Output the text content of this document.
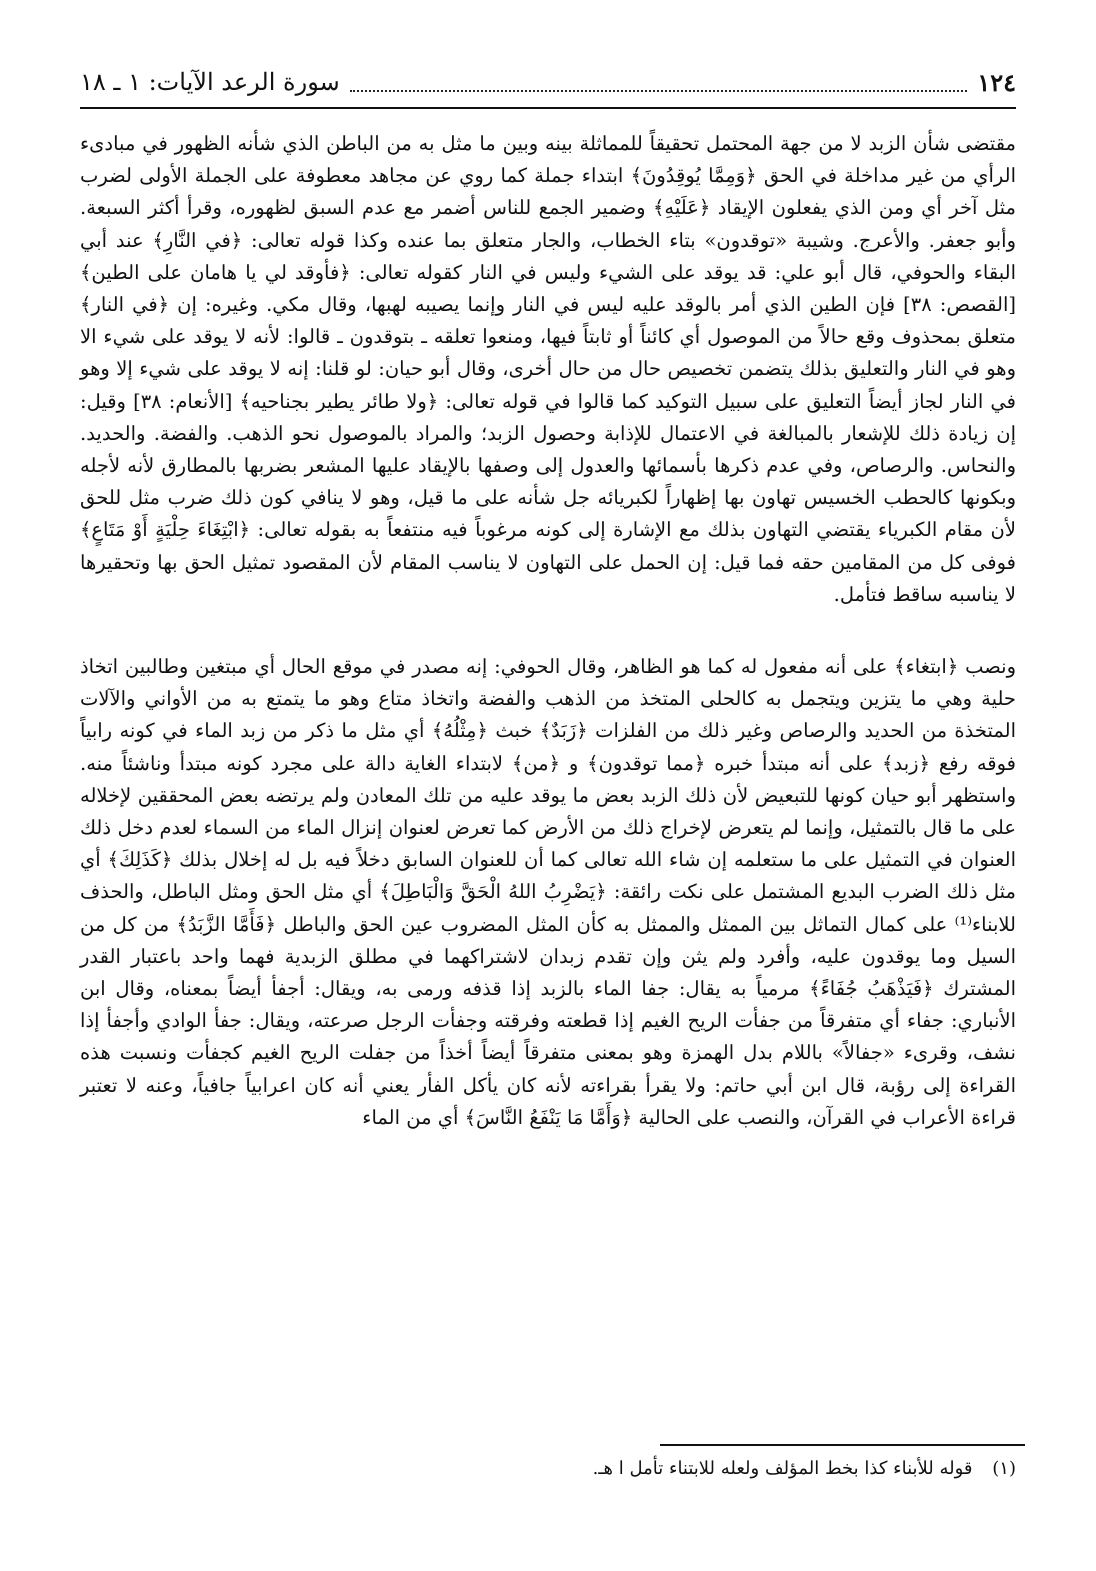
١٢٤
سورة الرعد الآيات: ١ ـ ١٨

مقتضى شأن الزبد لا من جهة المحتمل تحقيقاً للمماثلة بينه وبين ما مثل به من الباطن الذي شأنه الظهور في مبادىء الرأي من غير مداخلة في الحق ﴿وَمِمَّا يُوقِدُونَ﴾ ابتداء جملة كما روي عن مجاهد معطوفة على الجملة الأولى لضرب مثل آخر أي ومن الذي يفعلون الإيقاد ﴿عَلَيْهِ﴾ وضمير الجمع للناس أضمر مع عدم السبق لظهوره، وقرأ أكثر السبعة. وأبو جعفر. والأعرج. وشيبة «توقدون» بتاء الخطاب، والجار متعلق بما عنده وكذا قوله تعالى: ﴿في النَّارِ﴾ عند أبي البقاء والحوفي، قال أبو علي: قد يوقد على الشيء وليس في النار كقوله تعالى: ﴿فأوقد لي يا هامان على الطين﴾ [القصص: ٣٨] فإن الطين الذي أمر بالوقد عليه ليس في النار وإنما يصيبه لهبها، وقال مكي. وغيره: إن ﴿في النار﴾ متعلق بمحذوف وقع حالاً من الموصول أي كائناً أو ثابتاً فيها، ومنعوا تعلقه ـ بتوقدون ـ قالوا: لأنه لا يوقد على شيء الا وهو في النار والتعليق بذلك يتضمن تخصيص حال من حال أخرى، وقال أبو حيان: لو قلنا: إنه لا يوقد على شيء إلا وهو في النار لجاز أيضاً التعليق على سبيل التوكيد كما قالوا في قوله تعالى: ﴿ولا طائر يطير بجناحيه﴾ [الأنعام: ٣٨] وقيل: إن زيادة ذلك للإشعار بالمبالغة في الاعتمال للإذابة وحصول الزبد؛ والمراد بالموصول نحو الذهب. والفضة. والحديد. والنحاس. والرصاص، وفي عدم ذكرها بأسمائها والعدول إلى وصفها بالإيقاد عليها المشعر بضربها بالمطارق لأنه لأجله وبكونها كالحطب الخسيس تهاون بها إظهاراً لكبريائه جل شأنه على ما قيل، وهو لا ينافي كون ذلك ضرب مثل للحق لأن مقام الكبرياء يقتضي التهاون بذلك مع الإشارة إلى كونه مرغوباً فيه منتفعاً به بقوله تعالى: ﴿ابْتِغَاءَ حِلْيَةٍ أَوْ مَتَاعٍ﴾ فوفى كل من المقامين حقه فما قيل: إن الحمل على التهاون لا يناسب المقام لأن المقصود تمثيل الحق بها وتحقيرها لا يناسبه ساقط فتأمل.

ونصب ﴿ابتغاء﴾ على أنه مفعول له كما هو الظاهر، وقال الحوفي: إنه مصدر في موقع الحال أي مبتغين وطالبين اتخاذ حلية وهي ما يتزين ويتجمل به كالحلى المتخذ من الذهب والفضة واتخاذ متاع وهو ما يتمتع به من الأواني والآلات المتخذة من الحديد والرصاص وغير ذلك من الفلزات ﴿زَبَدٌ﴾ خبث ﴿مِثْلُهُ﴾ أي مثل ما ذكر من زبد الماء في كونه رابياً فوقه رفع ﴿زبد﴾ على أنه مبتدأ خبره ﴿مما توقدون﴾ و ﴿من﴾ لابتداء الغاية دالة على مجرد كونه مبتدأ وناشئاً منه. واستظهر أبو حيان كونها للتبعيض لأن ذلك الزبد بعض ما يوقد عليه من تلك المعادن ولم يرتضه بعض المحققين لإخلاله على ما قال بالتمثيل، وإنما لم يتعرض لإخراج ذلك من الأرض كما تعرض لعنوان إنزال الماء من السماء لعدم دخل ذلك العنوان في التمثيل على ما ستعلمه إن شاء الله تعالى كما أن للعنوان السابق دخلاً فيه بل له إخلال بذلك ﴿كَذَلِكَ﴾ أي مثل ذلك الضرب البديع المشتمل على نكت رائقة: ﴿يَضْرِبُ اللهُ الْحَقَّ وَالْبَاطِلَ﴾ أي مثل الحق ومثل الباطل، والحذف للابناء⁽¹⁾ على كمال التماثل بين الممثل والممثل به كأن المثل المضروب عين الحق والباطل ﴿فَأَمَّا الزَّبَدُ﴾ من كل من السيل وما يوقدون عليه، وأفرد ولم يثن وإن تقدم زبدان لاشتراكهما في مطلق الزبدية فهما واحد باعتبار القدر المشترك ﴿فَيَذْهَبُ جُفَاءً﴾ مرمياً به يقال: جفا الماء بالزبد إذا قذفه ورمى به، ويقال: أجفأ أيضاً بمعناه، وقال ابن الأنباري: جفاء أي متفرقاً من جفأت الريح الغيم إذا قطعته وفرقته وجفأت الرجل صرعته، ويقال: جفأ الوادي وأجفأ إذا نشف، وقرىء «جفالاً» باللام بدل الهمزة وهو بمعنى متفرقاً أيضاً أخذاً من جفلت الريح الغيم كجفأت ونسبت هذه القراءة إلى رؤبة، قال ابن أبي حاتم: ولا يقرأ بقراءته لأنه كان يأكل الفأر يعني أنه كان اعرابياً جافياً، وعنه لا تعتبر قراءة الأعراب في القرآن، والنصب على الحالية ﴿وَأَمَّا مَا يَنْفَعُ النَّاسَ﴾ أي من الماء

(١) قوله للأبناء كذا بخط المؤلف ولعله للابتناء تأمل ا هـ.
